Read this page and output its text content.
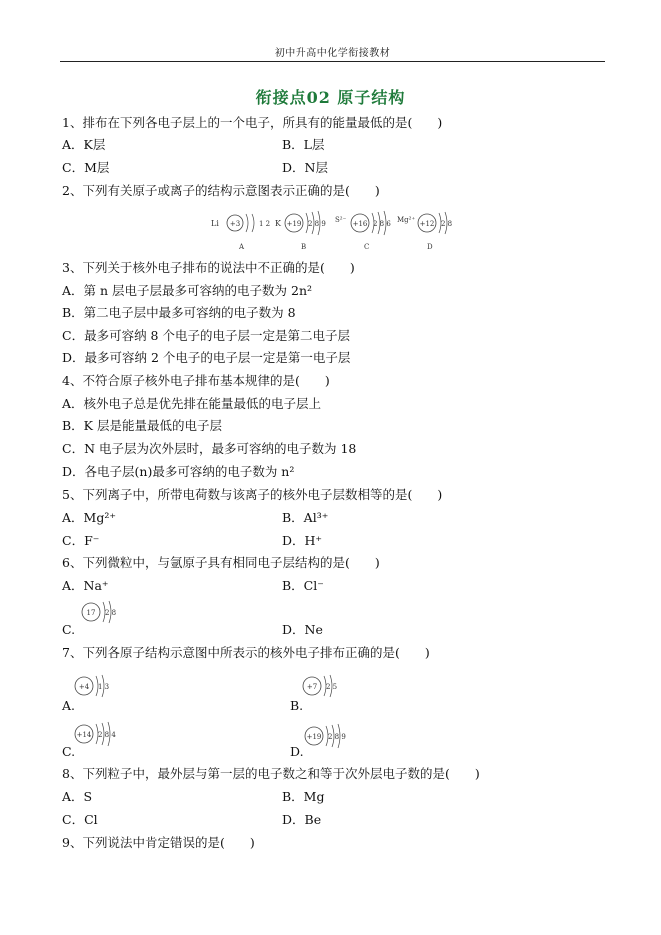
初中升高中化学衔接教材
衔接点02 原子结构
1、排布在下列各电子层上的一个电子，所具有的能量最低的是(　　)
A．K层	B．L层
C．M层	D．N层
2、下列有关原子或离子的结构示意图表示正确的是(　　)
Li +3	1 2
A
K +19 2 8 9
B
S²⁻ +16 2 8 6
C
Mg²⁺ +12 2 8
D
3、下列关于核外电子排布的说法中不正确的是(　　)
A．第 n 层电子层最多可容纳的电子数为 2n²
B．第二电子层中最多可容纳的电子数为 8
C．最多可容纳 8 个电子的电子层一定是第二电子层
D．最多可容纳 2 个电子的电子层一定是第一电子层
4、不符合原子核外电子排布基本规律的是(　　)
A．核外电子总是优先排在能量最低的电子层上
B．K 层是能量最低的电子层
C．N 电子层为次外层时，最多可容纳的电子数为 18
D．各电子层(n)最多可容纳的电子数为 n²
5、下列离子中，所带电荷数与该离子的核外电子层数相等的是(　　)
A．Mg²⁺	B．Al³⁺
C．F⁻	D．H⁺
6、下列微粒中，与氩原子具有相同电子层结构的是(　　)
A．Na⁺	B．Cl⁻
17 2 8
C.	D．Ne
7、下列各原子结构示意图中所表示的核外电子排布正确的是(　　)
+4 1 3	+7 2 5
A.	B.
+14 2 8 4	+19 2 8 9
C.	D.
8、下列粒子中，最外层与第一层的电子数之和等于次外层电子数的是(　　)
A．S	B．Mg
C．Cl	D．Be
9、下列说法中肯定错误的是(　　)
